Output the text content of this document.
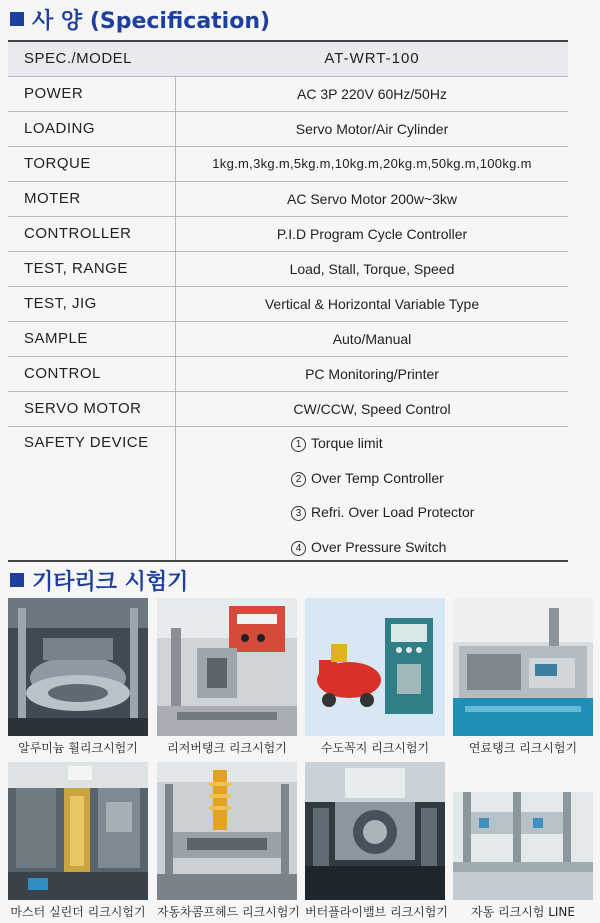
사 양 (Specification)
SPEC./MODEL	AT-WRT-100
POWER	AC 3P 220V 60Hz/50Hz
LOADING	Servo Motor/Air Cylinder
TORQUE	1kg.m,3kg.m,5kg.m,10kg.m,20kg.m,50kg.m,100kg.m
MOTER	AC Servo Motor 200w~3kw
CONTROLLER	P.I.D Program Cycle Controller
TEST, RANGE	Load, Stall, Torque, Speed
TEST, JIG	Vertical & Horizontal Variable Type
SAMPLE	Auto/Manual
CONTROL	PC Monitoring/Printer
SERVO MOTOR	CW/CCW, Speed Control
SAFETY DEVICE	1 Torque limit
2 Over Temp Controller
3 Refri. Over Load Protector
4 Over Pressure Switch
기타리크 시험기
알루미늄 휠리크시험기	리저버탱크 리크시험기	수도꼭지 리크시험기	연료탱크 리크시험기
마스터 실린더 리크시험기 자동차콤프헤드 리크시험기 버터플라이밸브 리크시험기	자동 리크시험 LINE
